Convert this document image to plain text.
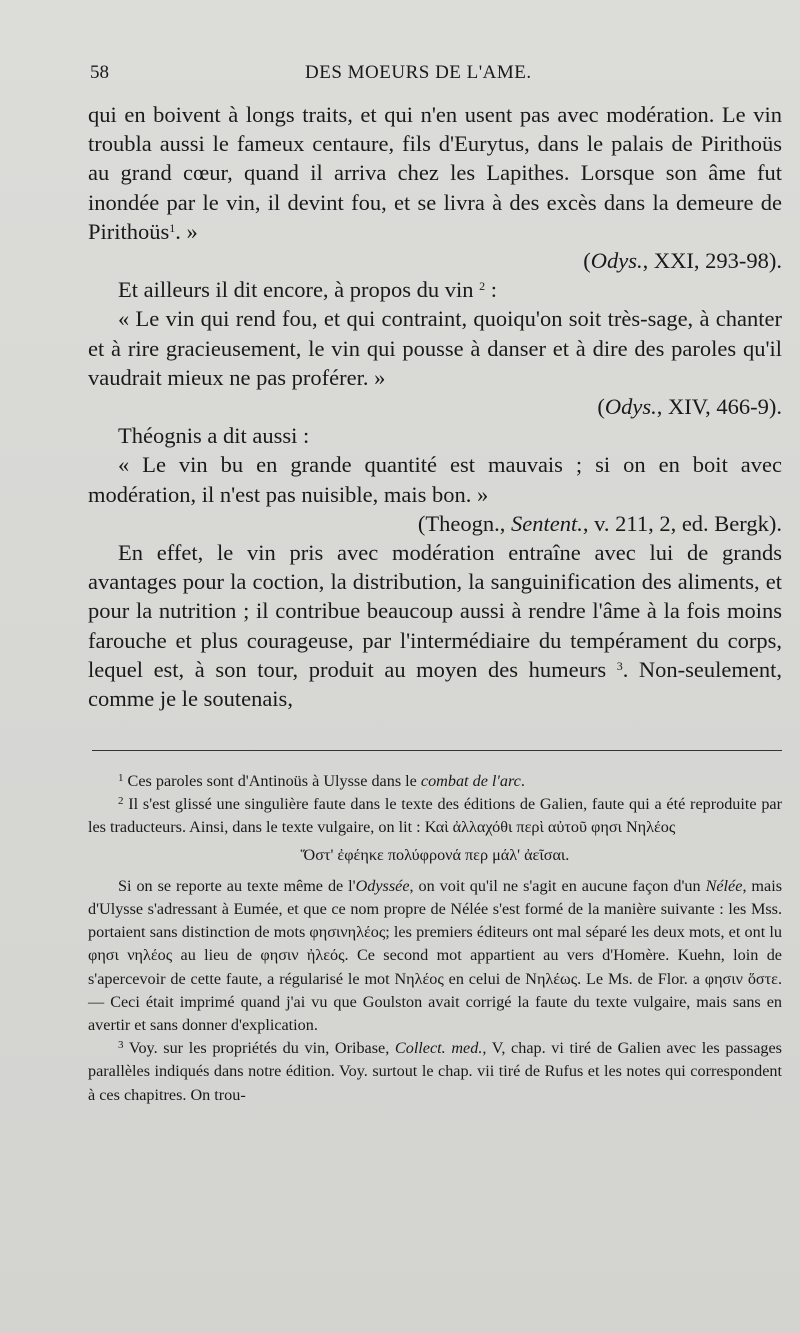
58	DES MOEURS DE L'AME.

qui en boivent à longs traits, et qui n'en usent pas avec modération. Le vin troubla aussi le fameux centaure, fils d'Eurytus, dans le palais de Pirithoüs au grand cœur, quand il arriva chez les Lapithes. Lorsque son âme fut inondée par le vin, il devint fou, et se livra à des excès dans la demeure de Pirithoüs$^1$. »

(Odys., XXI, 293-98).

Et ailleurs il dit encore, à propos du vin $^2$ :

« Le vin qui rend fou, et qui contraint, quoiqu'on soit très-sage, à chanter et à rire gracieusement, le vin qui pousse à danser et à dire des paroles qu'il vaudrait mieux ne pas proférer. »

(Odys., XIV, 466-9).

Théognis a dit aussi :

« Le vin bu en grande quantité est mauvais ; si on en boit avec modération, il n'est pas nuisible, mais bon. »

(Theogn., Sentent., v. 211, 2, ed. Bergk).

En effet, le vin pris avec modération entraîne avec lui de grands avantages pour la coction, la distribution, la sanguinification des aliments, et pour la nutrition ; il contribue beaucoup aussi à rendre l'âme à la fois moins farouche et plus courageuse, par l'intermédiaire du tempérament du corps, lequel est, à son tour, produit au moyen des humeurs $^3$. Non-seulement, comme je le soutenais,

$^1$ Ces paroles sont d'Antinoüs à Ulysse dans le combat de l'arc.

$^2$ Il s'est glissé une singulière faute dans le texte des éditions de Galien, faute qui a été reproduite par les traducteurs. Ainsi, dans le texte vulgaire, on lit : Καὶ ἀλλαχόθι περὶ αὐτοῦ φησι Νηλέος

Ὅστ' ἐφέηκε πολύφρονά περ μάλ' ἀεῖσαι.

Si on se reporte au texte même de l'Odyssée, on voit qu'il ne s'agit en aucune façon d'un Nélée, mais d'Ulysse s'adressant à Eumée, et que ce nom propre de Nélée s'est formé de la manière suivante : les Mss. portaient sans distinction de mots φησινηλέος; les premiers éditeurs ont mal séparé les deux mots, et ont lu φησι νηλέος au lieu de φησιν ἠλεός. Ce second mot appartient au vers d'Homère. Kuehn, loin de s'apercevoir de cette faute, a régularisé le mot Νηλέος en celui de Νηλέως. Le Ms. de Flor. a φησιν ὅστε. — Ceci était imprimé quand j'ai vu que Goulston avait corrigé la faute du texte vulgaire, mais sans en avertir et sans donner d'explication.

$^3$ Voy. sur les propriétés du vin, Oribase, Collect. med., V, chap. vi tiré de Galien avec les passages parallèles indiqués dans notre édition. Voy. surtout le chap. vii tiré de Rufus et les notes qui correspondent à ces chapitres. On trou-
